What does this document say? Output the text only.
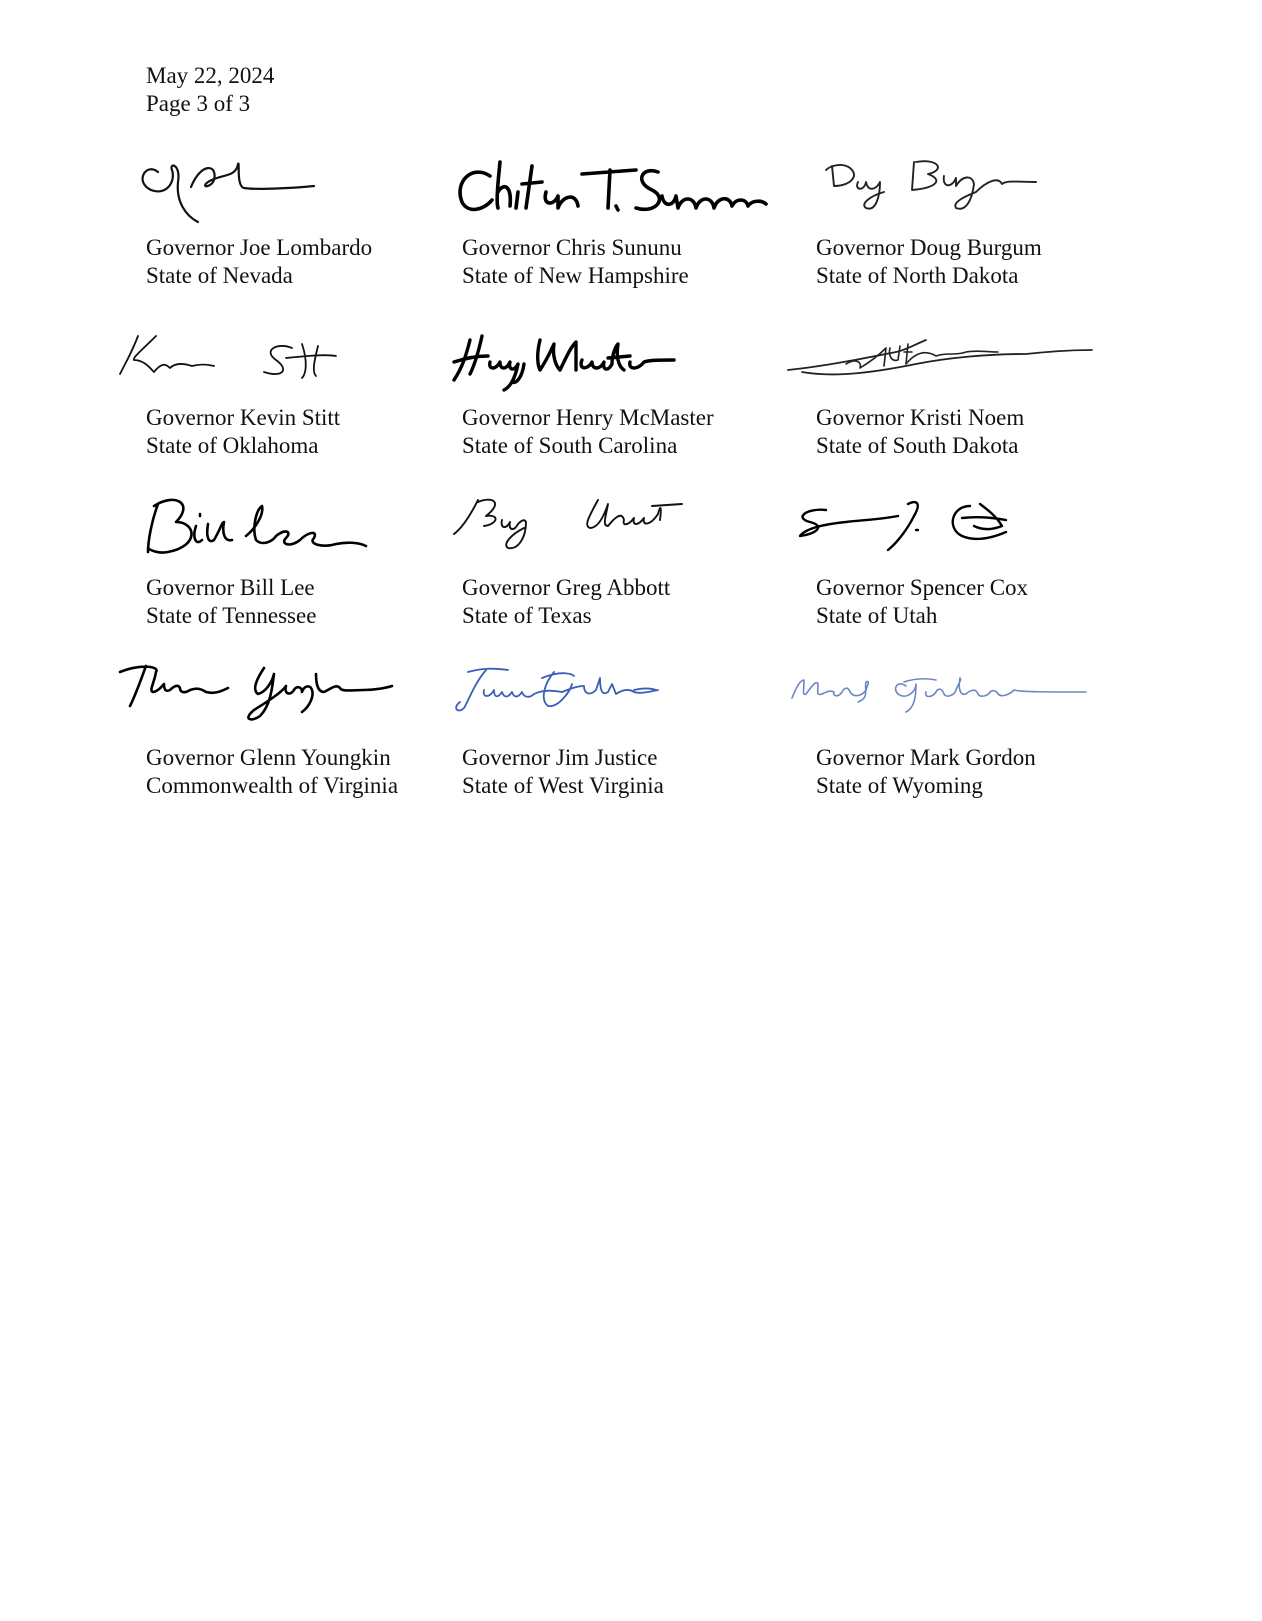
May 22, 2024
Page 3 of 3
Governor Joe Lombardo
State of Nevada
Governor Chris Sununu
State of New Hampshire
Governor Doug Burgum
State of North Dakota
Governor Kevin Stitt
State of Oklahoma
Governor Henry McMaster
State of South Carolina
Governor Kristi Noem
State of South Dakota
Governor Bill Lee
State of Tennessee
Governor Greg Abbott
State of Texas
Governor Spencer Cox
State of Utah
Governor Glenn Youngkin
Commonwealth of Virginia
Governor Jim Justice
State of West Virginia
Governor Mark Gordon
State of Wyoming
